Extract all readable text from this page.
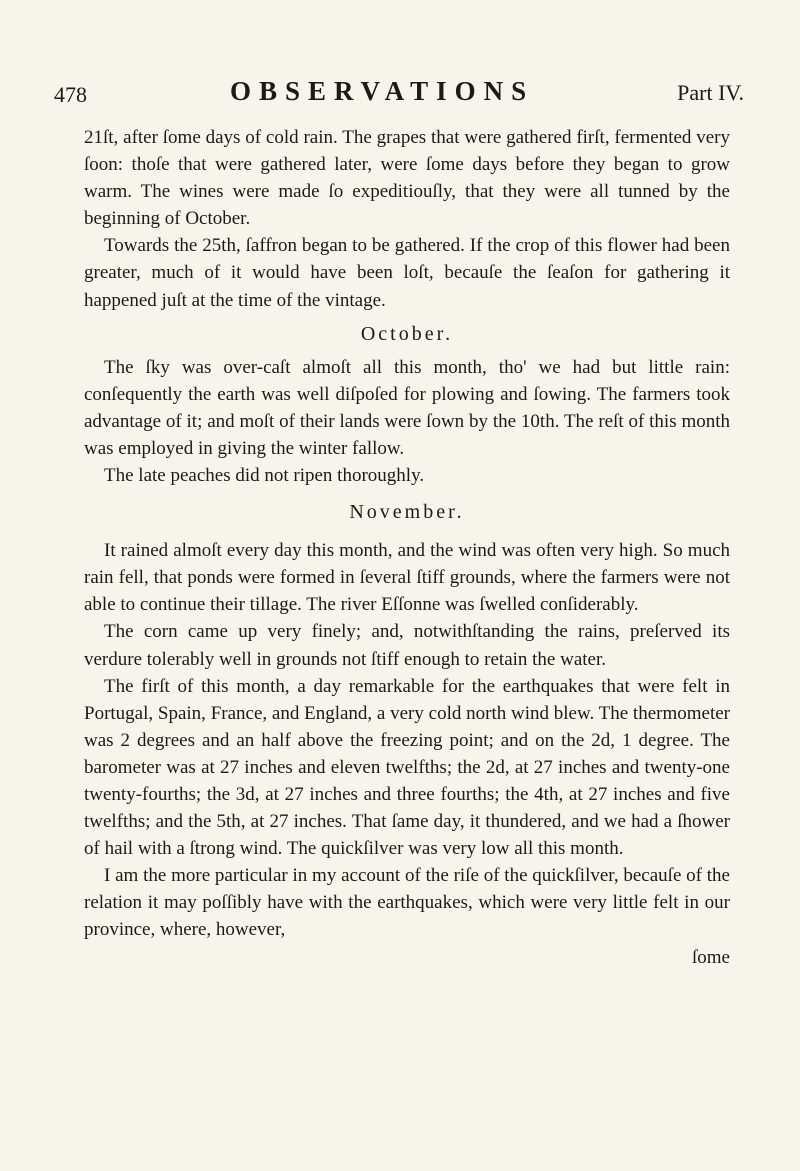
478	OBSERVATIONS	Part IV.

21ſt, after ſome days of cold rain. The grapes that were gathered firſt, fermented very ſoon: thoſe that were gathered later, were ſome days before they began to grow warm. The wines were made ſo expeditiouſly, that they were all tunned by the beginning of October.

Towards the 25th, ſaffron began to be gathered. If the crop of this flower had been greater, much of it would have been loſt, becauſe the ſeaſon for gathering it happened juſt at the time of the vintage.

October.

The ſky was over-caſt almoſt all this month, tho' we had but little rain: conſequently the earth was well diſpoſed for plowing and ſowing. The farmers took advantage of it; and moſt of their lands were ſown by the 10th. The reſt of this month was employed in giving the winter fallow.

The late peaches did not ripen thoroughly.

November.

It rained almoſt every day this month, and the wind was often very high. So much rain fell, that ponds were formed in ſeveral ſtiff grounds, where the farmers were not able to continue their tillage. The river Eſſonne was ſwelled conſiderably.

The corn came up very finely; and, notwithſtanding the rains, preſerved its verdure tolerably well in grounds not ſtiff enough to retain the water.

The firſt of this month, a day remarkable for the earthquakes that were felt in Portugal, Spain, France, and England, a very cold north wind blew. The thermometer was 2 degrees and an half above the freezing point; and on the 2d, 1 degree. The barometer was at 27 inches and eleven twelfths; the 2d, at 27 inches and twenty-one twenty-fourths; the 3d, at 27 inches and three fourths; the 4th, at 27 inches and five twelfths; and the 5th, at 27 inches. That ſame day, it thundered, and we had a ſhower of hail with a ſtrong wind. The quickſilver was very low all this month.

I am the more particular in my account of the riſe of the quickſilver, becauſe of the relation it may poſſibly have with the earthquakes, which were very little felt in our province, where, however,

ſome
